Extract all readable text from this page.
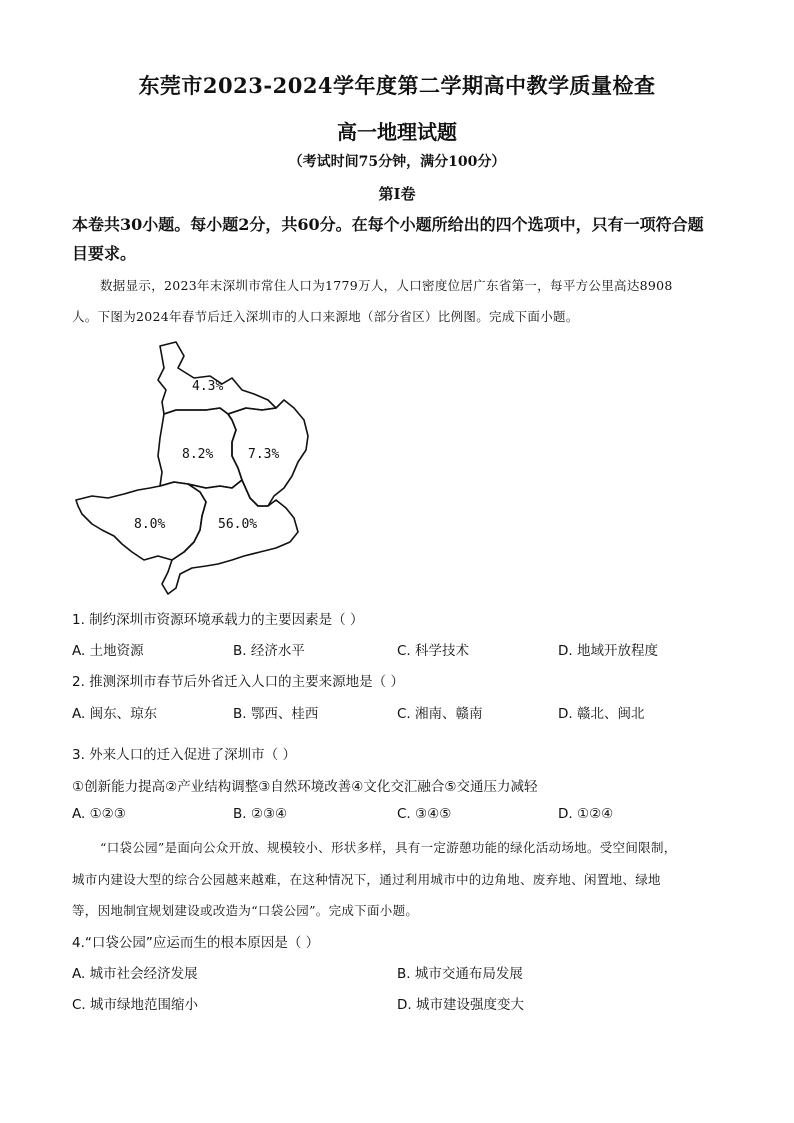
东莞市2023-2024学年度第二学期高中教学质量检查
高一地理试题
（考试时间75分钟，满分100分）
第Ⅰ卷
本卷共30小题。每小题2分，共60分。在每个小题所给出的四个选项中，只有一项符合题
目要求。
数据显示，2023年末深圳市常住人口为1779万人，人口密度位居广东省第一，每平方公里高达8908
人。下图为2024年春节后迁入深圳市的人口来源地（部分省区）比例图。完成下面小题。
4.3%
8.2%	7.3%
8.0%	56.0%
1. 制约深圳市资源环境承载力的主要因素是（ ）
A. 土地资源	B. 经济水平	C. 科学技术	D. 地域开放程度
2. 推测深圳市春节后外省迁入人口的主要来源地是（ ）
A. 闽东、琼东	B. 鄂西、桂西	C. 湘南、赣南	D. 赣北、闽北
3. 外来人口的迁入促进了深圳市（ ）
①创新能力提高②产业结构调整③自然环境改善④文化交汇融合⑤交通压力减轻
A. ①②③	B. ②③④	C. ③④⑤	D. ①②④
“口袋公园”是面向公众开放、规模较小、形状多样，具有一定游憩功能的绿化活动场地。受空间限制，
城市内建设大型的综合公园越来越难，在这种情况下，通过利用城市中的边角地、废弃地、闲置地、绿地
等，因地制宜规划建设或改造为“口袋公园”。完成下面小题。
4.“口袋公园”应运而生的根本原因是（ ）
A. 城市社会经济发展	B. 城市交通布局发展
C. 城市绿地范围缩小	D. 城市建设强度变大
